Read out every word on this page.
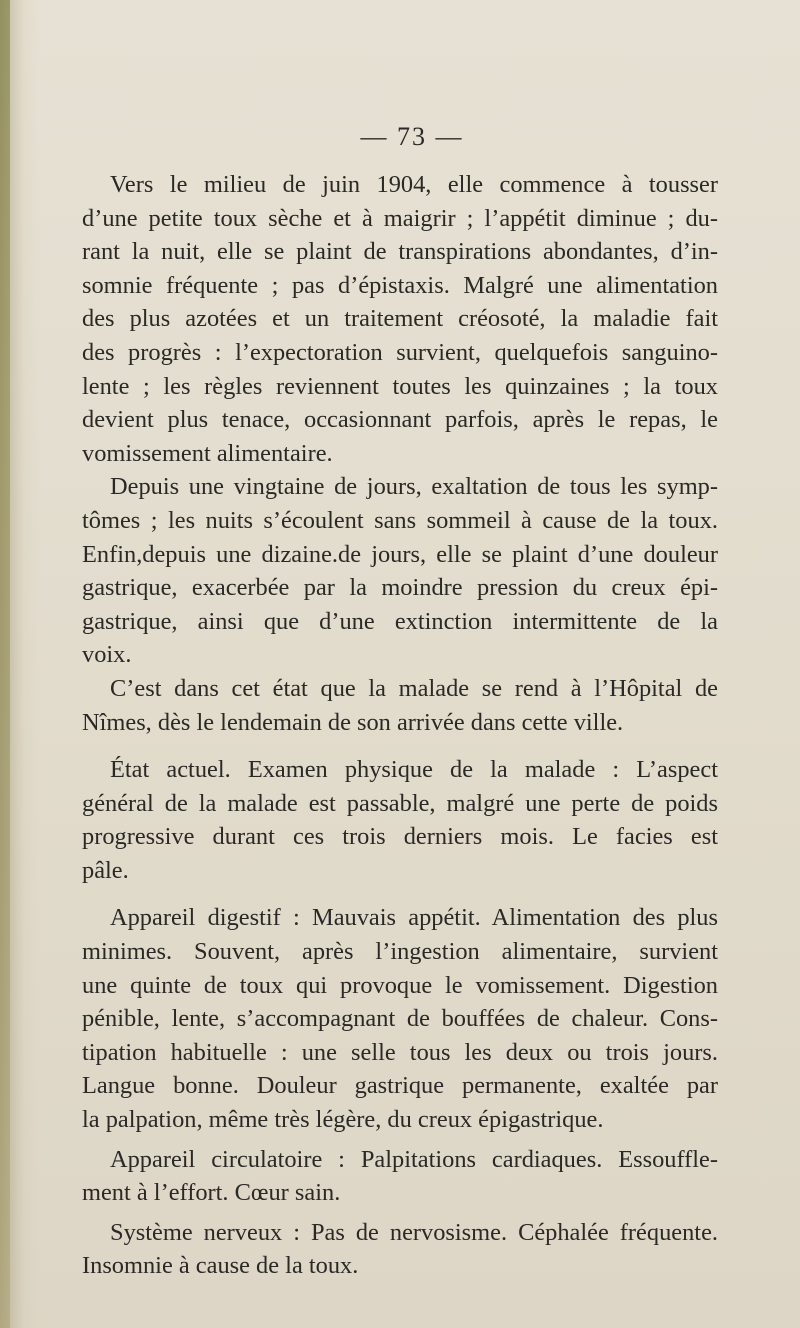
— 73 —

Vers le milieu de juin 1904, elle commence à tousser
d’une petite toux sèche et à maigrir ; l’appétit diminue ; du-
rant la nuit, elle se plaint de transpirations abondantes, d’in-
somnie fréquente ; pas d’épistaxis. Malgré une alimentation
des plus azotées et un traitement créosoté, la maladie fait
des progrès : l’expectoration survient, quelquefois sanguino-
lente ; les règles reviennent toutes les quinzaines ; la toux
devient plus tenace, occasionnant parfois, après le repas, le
vomissement alimentaire.

Depuis une vingtaine de jours, exaltation de tous les symp-
tômes ; les nuits s’écoulent sans sommeil à cause de la toux.
Enfin,depuis une dizaine.de jours, elle se plaint d’une douleur
gastrique, exacerbée par la moindre pression du creux épi-
gastrique, ainsi que d’une extinction intermittente de la
voix.

C’est dans cet état que la malade se rend à l’Hôpital de
Nîmes, dès le lendemain de son arrivée dans cette ville.

État actuel. Examen physique de la malade : L’aspect
général de la malade est passable, malgré une perte de poids
progressive durant ces trois derniers mois. Le facies est
pâle.

Appareil digestif : Mauvais appétit. Alimentation des plus
minimes. Souvent, après l’ingestion alimentaire, survient
une quinte de toux qui provoque le vomissement. Digestion
pénible, lente, s’accompagnant de bouffées de chaleur. Cons-
tipation habituelle : une selle tous les deux ou trois jours.
Langue bonne. Douleur gastrique permanente, exaltée par
la palpation, même très légère, du creux épigastrique.

Appareil circulatoire : Palpitations cardiaques. Essouffle-
ment à l’effort. Cœur sain.

Système nerveux : Pas de nervosisme. Céphalée fréquente.
Insomnie à cause de la toux.
